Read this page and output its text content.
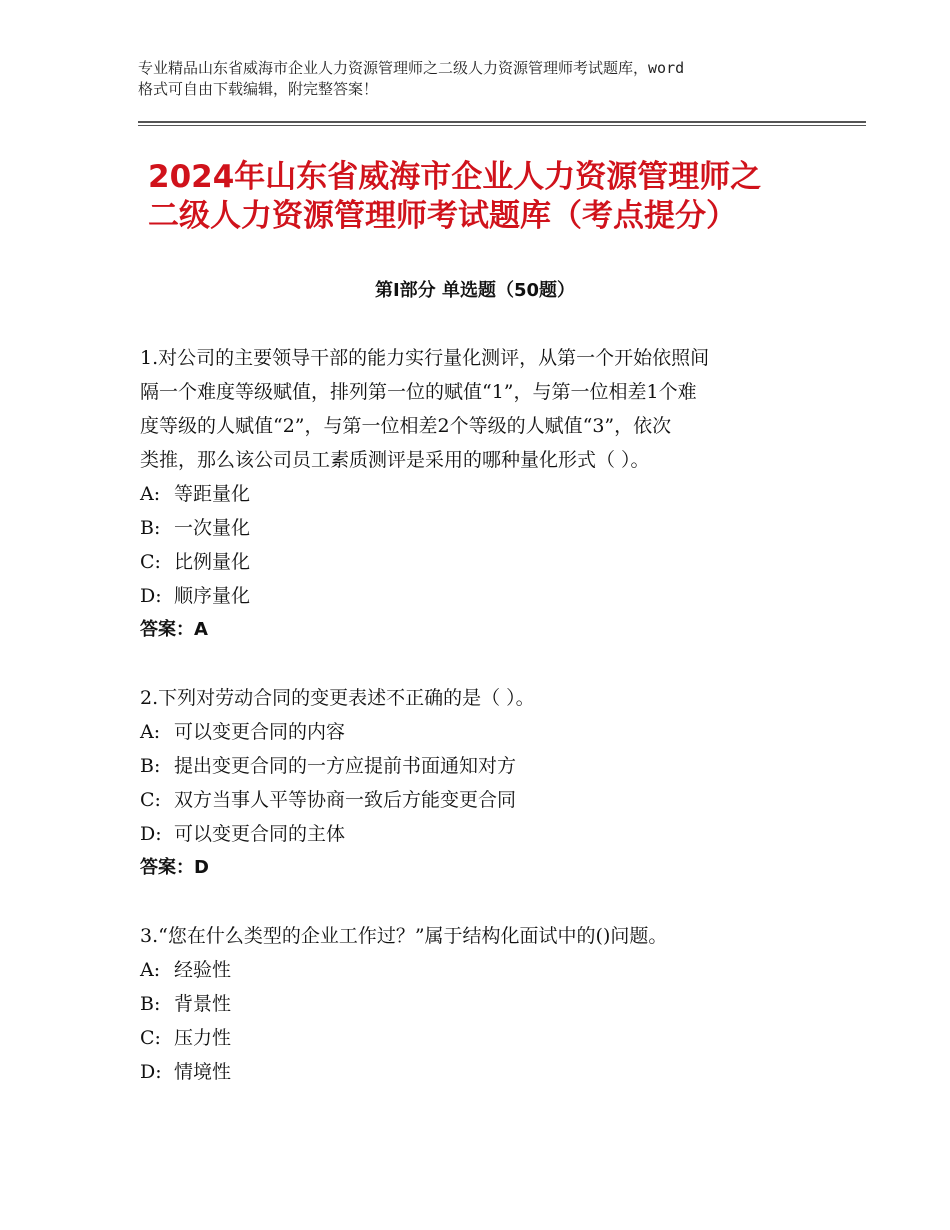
专业精品山东省威海市企业人力资源管理师之二级人力资源管理师考试题库，word
格式可自由下载编辑，附完整答案！
2024年山东省威海市企业人力资源管理师之
二级人力资源管理师考试题库（考点提分）
第Ⅰ部分 单选题（50题）
1.对公司的主要领导干部的能力实行量化测评，从第一个开始依照间
隔一个难度等级赋值，排列第一位的赋值“1”，与第一位相差1个难
度等级的人赋值“2”，与第一位相差2个等级的人赋值“3”，依次
类推，那么该公司员工素质测评是采用的哪种量化形式（ ）。
A: 等距量化
B: 一次量化
C: 比例量化
D: 顺序量化
答案：A
2.下列对劳动合同的变更表述不正确的是（ ）。
A: 可以变更合同的内容
B: 提出变更合同的一方应提前书面通知对方
C: 双方当事人平等协商一致后方能变更合同
D: 可以变更合同的主体
答案：D
3.“您在什么类型的企业工作过？”属于结构化面试中的()问题。
A: 经验性
B: 背景性
C: 压力性
D: 情境性
